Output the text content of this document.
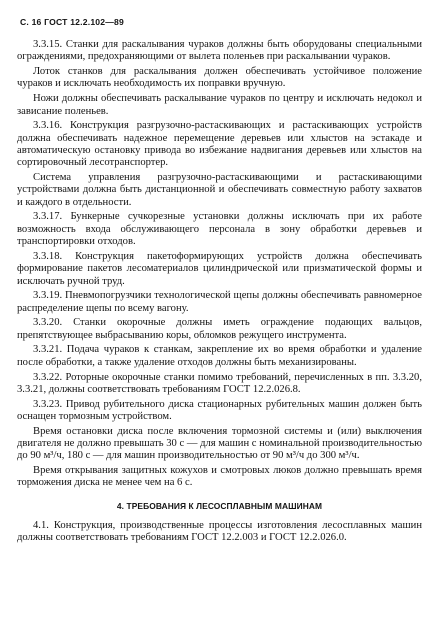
С. 16 ГОСТ 12.2.102—89

3.3.15. Станки для раскалывания чураков должны быть оборудованы специальными ограждениями, предохраняющими от вылета поленьев при раскалывании чураков.

Лоток станков для раскалывания должен обеспечивать устойчивое положение чураков и исключать необходимость их поправки вручную.

Ножи должны обеспечивать раскалывание чураков по центру и исключать недокол и зависание поленьев.

3.3.16. Конструкция разгрузочно-растаскивающих и растаскивающих устройств должна обеспечивать надежное перемещение деревьев или хлыстов на эстакаде и автоматическую остановку привода во избежание надвигания деревьев или хлыстов на сортировочный лесотранспортер.

Система управления разгрузочно-растаскивающими и растаскивающими устройствами должна быть дистанционной и обеспечивать совместную работу захватов и каждого в отдельности.

3.3.17. Бункерные сучкорезные установки должны исключать при их работе возможность входа обслуживающего персонала в зону обработки деревьев и транспортировки отходов.

3.3.18. Конструкция пакетоформирующих устройств должна обеспечивать формирование пакетов лесоматериалов цилиндрической или призматической формы и исключать ручной труд.

3.3.19. Пневмопогрузчики технологической щепы должны обеспечивать равномерное распределение щепы по всему вагону.

3.3.20. Станки окорочные должны иметь ограждение подающих вальцов, препятствующее выбрасыванию коры, обломков режущего инструмента.

3.3.21. Подача чураков к станкам, закрепление их во время обработки и удаление после обработки, а также удаление отходов должны быть механизированы.

3.3.22. Роторные окорочные станки помимо требований, перечисленных в пп. 3.3.20, 3.3.21, должны соответствовать требованиям ГОСТ 12.2.026.8.

3.3.23. Привод рубительного диска стационарных рубительных машин должен быть оснащен тормозным устройством.

Время остановки диска после включения тормозной системы и (или) выключения двигателя не должно превышать 30 с — для машин с номинальной производительностью до 90 м³/ч, 180 с — для машин производительностью от 90 м³/ч до 300 м³/ч.

Время открывания защитных кожухов и смотровых люков должно превышать время торможения диска не менее чем на 6 с.

4. ТРЕБОВАНИЯ К ЛЕСОСПЛАВНЫМ МАШИНАМ

4.1. Конструкция, производственные процессы изготовления лесосплавных машин должны соответствовать требованиям ГОСТ 12.2.003 и ГОСТ 12.2.026.0.
